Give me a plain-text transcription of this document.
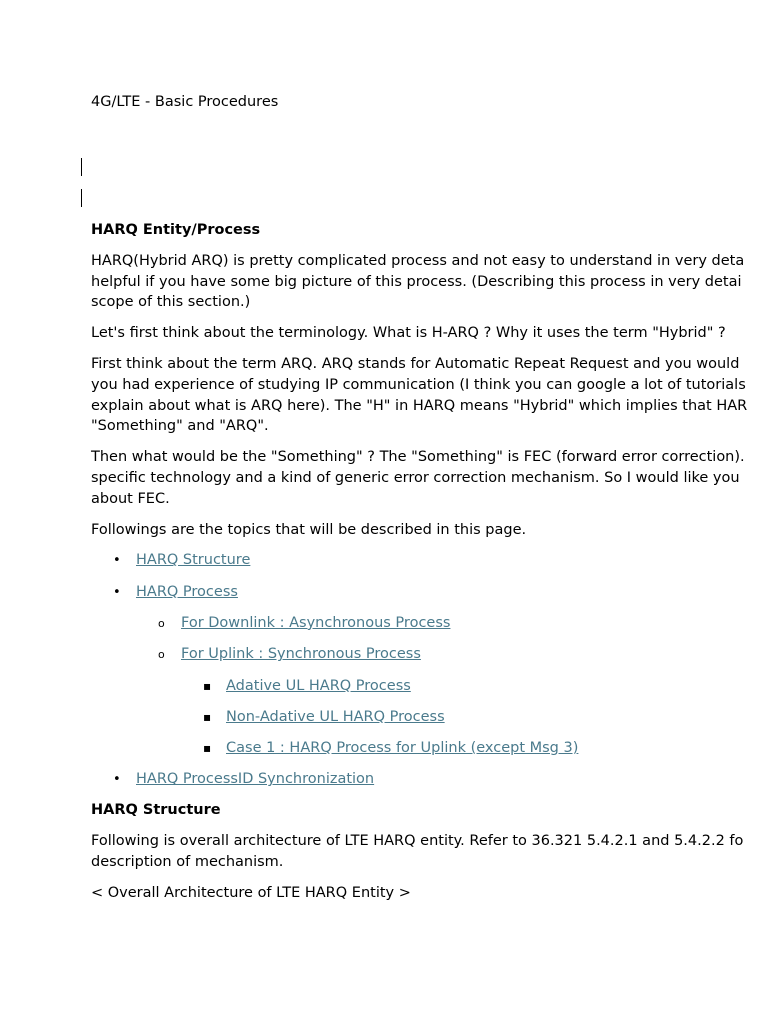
4G/LTE - Basic Procedures
HARQ Entity/Process

HARQ(Hybrid ARQ) is pretty complicated process and not easy to understand in very deta
helpful if you have some big picture of this process. (Describing this process in very detai
scope of this section.)

Let's first think about the terminology. What is H-ARQ ? Why it uses the term "Hybrid" ?

First think about the term ARQ. ARQ stands for Automatic Repeat Request and you would
you had experience of studying IP communication (I think you can google a lot of tutorials
explain about what is ARQ here). The "H" in HARQ means "Hybrid" which implies that HAR
"Something" and "ARQ".

Then what would be the "Something" ? The "Something" is FEC (forward error correction).
specific technology and a kind of generic error correction mechanism. So I would like you
about FEC.

Followings are the topics that will be described in this page.

•
HARQ Structure
•
HARQ Process
o
For Downlink : Asynchronous Process
o
For Uplink : Synchronous Process
▪
Adative UL HARQ Process
▪
Non-Adative UL HARQ Process
▪
Case 1 : HARQ Process for Uplink (except Msg 3)
•
HARQ ProcessID Synchronization
HARQ Structure

Following is overall architecture of LTE HARQ entity. Refer to 36.321 5.4.2.1 and 5.4.2.2 fo
description of mechanism.

< Overall Architecture of LTE HARQ Entity >
